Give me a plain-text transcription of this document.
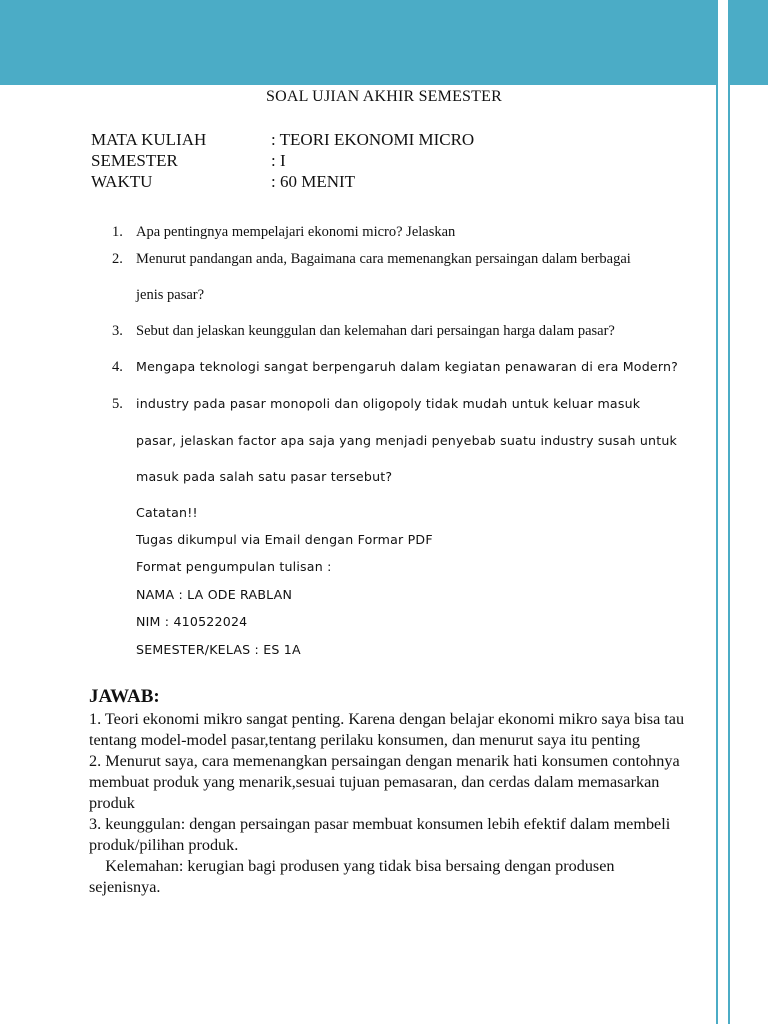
SOAL UJIAN AKHIR SEMESTER
MATA KULIAH	: TEORI EKONOMI MICRO
SEMESTER	: I
WAKTU	: 60 MENIT
1. Apa pentingnya mempelajari ekonomi micro? Jelaskan
2. Menurut pandangan anda, Bagaimana cara memenangkan persaingan dalam berbagai
jenis pasar?
3. Sebut dan jelaskan keunggulan dan kelemahan dari persaingan harga dalam pasar?
4.	Mengapa teknologi sangat berpengaruh dalam kegiatan penawaran di era Modern?
5.	industry pada pasar monopoli dan oligopoly tidak mudah untuk keluar masuk
pasar, jelaskan factor apa saja yang menjadi penyebab suatu industry susah untuk
masuk pada salah satu pasar tersebut?
Catatan!!
Tugas dikumpul via Email dengan Formar PDF
Format pengumpulan tulisan :
NAMA : LA ODE RABLAN
NIM : 410522024
SEMESTER/KELAS : ES 1A
JAWAB:

1. Teori ekonomi mikro sangat penting. Karena dengan belajar ekonomi mikro saya bisa tau tentang model-model pasar,tentang perilaku konsumen, dan menurut saya itu penting

2. Menurut saya, cara memenangkan persaingan dengan menarik hati konsumen contohnya membuat produk yang menarik,sesuai tujuan pemasaran, dan cerdas dalam memasarkan produk

3. keunggulan: dengan persaingan pasar membuat konsumen lebih efektif dalam membeli produk/pilihan produk.

Kelemahan: kerugian bagi produsen yang tidak bisa bersaing dengan produsen sejenisnya.
